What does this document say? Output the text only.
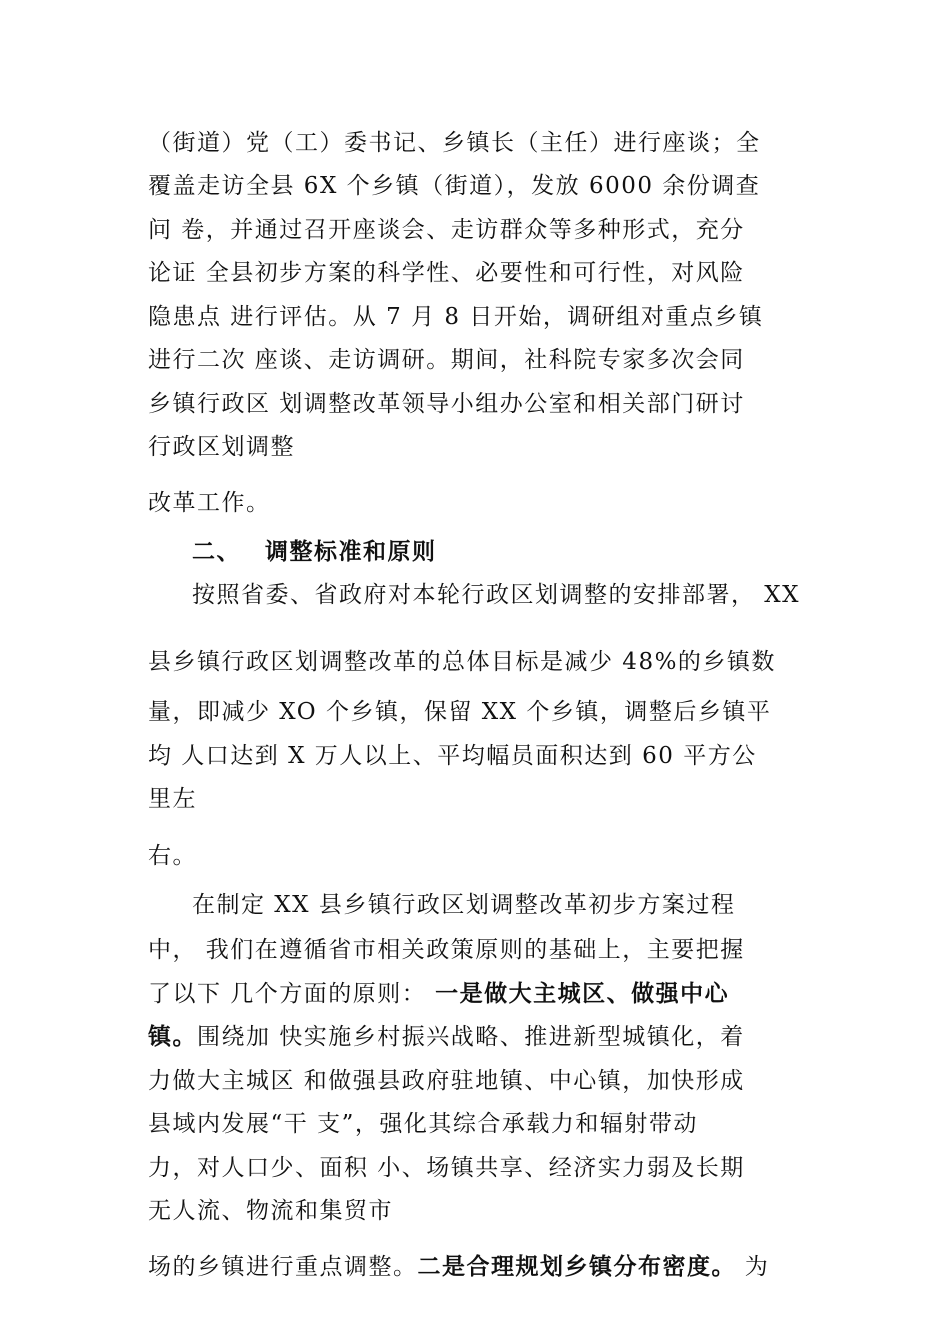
（街道）党（工）委书记、乡镇长（主任）进行座谈；全
覆盖走访全县 6X 个乡镇（街道），发放 6000 余份调查
问 卷，并通过召开座谈会、走访群众等多种形式，充分
论证 全县初步方案的科学性、必要性和可行性，对风险
隐患点 进行评估。从 7 月 8 日开始，调研组对重点乡镇
进行二次 座谈、走访调研。期间，社科院专家多次会同
乡镇行政区 划调整改革领导小组办公室和相关部门研讨
行政区划调整
改革工作。
二、 调整标准和原则
按照省委、省政府对本轮行政区划调整的安排部署， XX
县乡镇行政区划调整改革的总体目标是减少 48%的乡镇数
量，即减少 XO 个乡镇，保留 XX 个乡镇，调整后乡镇平
均 人口达到 X 万人以上、平均幅员面积达到 60 平方公
里左
右。
在制定 XX 县乡镇行政区划调整改革初步方案过程
中， 我们在遵循省市相关政策原则的基础上，主要把握
了以下 几个方面的原则： 一是做大主城区、做强中心
镇。围绕加 快实施乡村振兴战略、推进新型城镇化，着
力做大主城区 和做强县政府驻地镇、中心镇，加快形成
县域内发展“干 支”，强化其综合承载力和辐射带动
力，对人口少、面积 小、场镇共享、经济实力弱及长期
无人流、物流和集贸市
场的乡镇进行重点调整。二是合理规划乡镇分布密度。 为
